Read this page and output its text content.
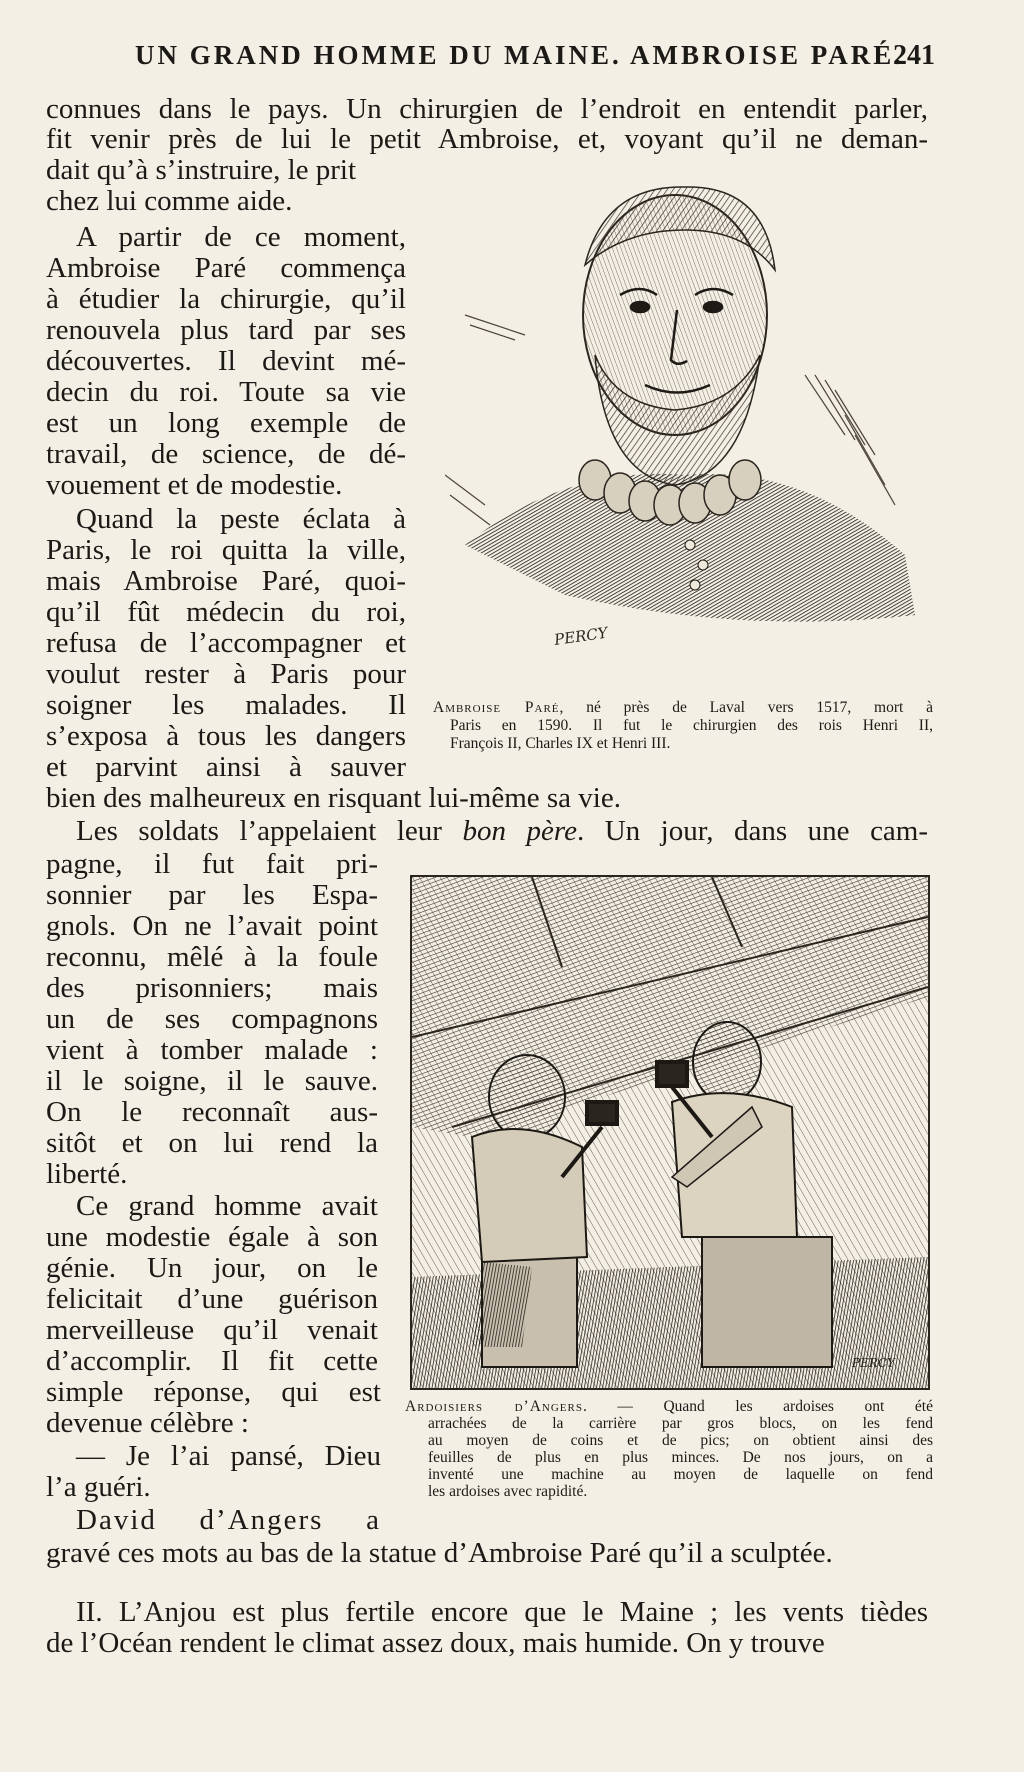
UN GRAND HOMME DU MAINE. AMBROISE PARÉ.
241
connues dans le pays. Un chirurgien de l’endroit en entendit parler,
fit venir près de lui le petit Ambroise, et, voyant qu’il ne deman-
dait qu’à s’instruire, le prit
chez lui comme aide.
A partir de ce moment,
Ambroise Paré commença
à étudier la chirurgie, qu’il
renouvela plus tard par ses
découvertes. Il devint mé-
decin du roi. Toute sa vie
est un long exemple de
travail, de science, de dé-
vouement et de modestie.
Quand la peste éclata à
Paris, le roi quitta la ville,
mais Ambroise Paré, quoi-
qu’il fût médecin du roi,
refusa de l’accompagner et
voulut rester à Paris pour
soigner les malades. Il
s’exposa à tous les dangers
et parvint ainsi à sauver
bien des malheureux en risquant lui-même sa vie.
Les soldats l’appelaient leur bon père. Un jour, dans une cam-
pagne, il fut fait pri-
sonnier par les Espa-
gnols. On ne l’avait point
reconnu, mêlé à la foule
des prisonniers; mais
un de ses compagnons
vient à tomber malade :
il le soigne, il le sauve.
On le reconnaît aus-
sitôt et on lui rend la
liberté.
Ce grand homme avait
une modestie égale à son
génie. Un jour, on le
felicitait d’une guérison
merveilleuse qu’il venait
d’accomplir. Il fit cette
simple réponse, qui est
devenue célèbre :
— Je l’ai pansé, Dieu
l’a guéri.
David d’Angers a
gravé ces mots au bas de la statue d’Ambroise Paré qu’il a sculptée.
II. L’Anjou est plus fertile encore que le Maine ; les vents tièdes
de l’Océan rendent le climat assez doux, mais humide. On y trouve
PERCY
Ambroise Paré, né près de Laval vers 1517, mort à
Paris en 1590. Il fut le chirurgien des rois Henri II,
François II, Charles IX et Henri III.
PERCY
Ardoisiers d’Angers. — Quand les ardoises ont été
arrachées de la carrière par gros blocs, on les fend
au moyen de coins et de pics; on obtient ainsi des
feuilles de plus en plus minces. De nos jours, on a
inventé une machine au moyen de laquelle on fend
les ardoises avec rapidité.
